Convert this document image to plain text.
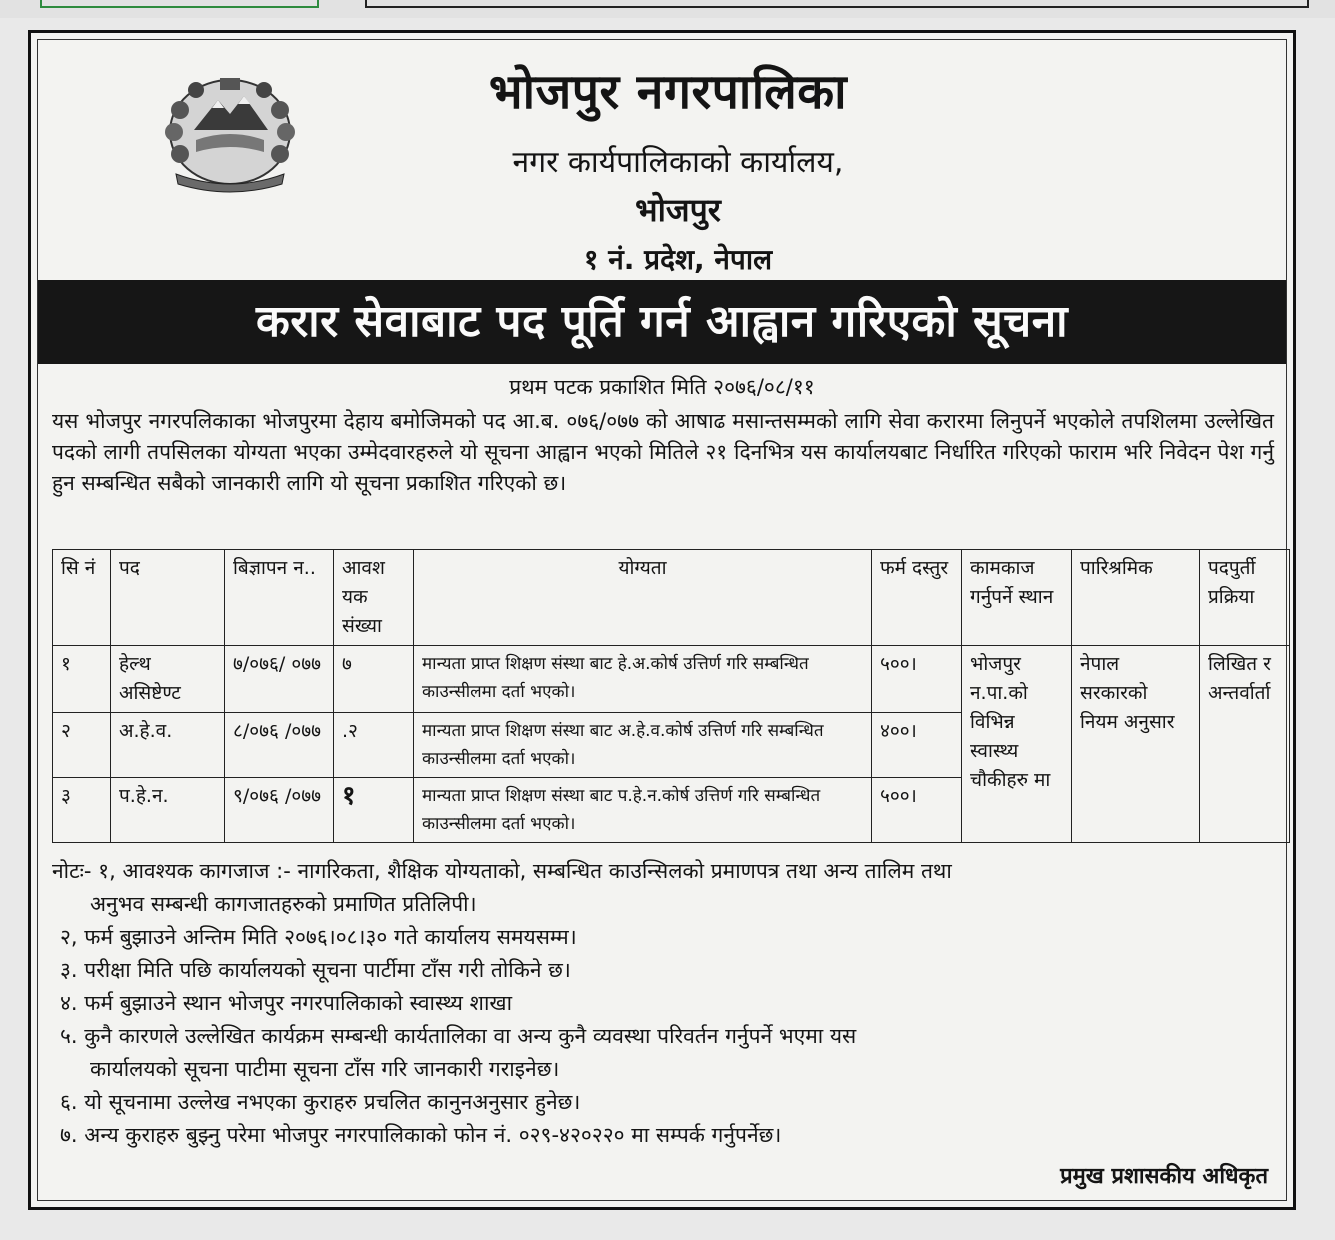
भोजपुर नगरपालिका
नगर कार्यपालिकाको कार्यालय,
भोजपुर
१ नं. प्रदेश, नेपाल
करार सेवाबाट पद पूर्ति गर्न आह्वान गरिएको सूचना
प्रथम पटक प्रकाशित मिति २०७६/०८/११
यस भोजपुर नगरपलिकाका भोजपुरमा देहाय बमोजिमको पद आ.ब. ०७६/०७७ को आषाढ मसान्तसम्मको लागि सेवा करारमा लिनुपर्ने भएकोले तपशिलमा उल्लेखित पदको लागी तपसिलका योग्यता भएका उम्मेदवारहरुले यो सूचना आह्वान भएको मितिले २१ दिनभित्र यस कार्यालयबाट निर्धारित गरिएको फाराम भरि निवेदन पेश गर्नु हुन सम्बन्धित सबैको जानकारी लागि यो सूचना प्रकाशित गरिएको छ।
सि नं	पद	बिज्ञापन न..	आवश यक संख्या	योग्यता	फर्म दस्तुर	कामकाज गर्नुपर्ने स्थान	पारिश्रमिक	पदपुर्ती प्रक्रिया
१	हेल्थ असिष्टेण्ट	७/०७६/ ०७७	७	मान्यता प्राप्त शिक्षण संस्था बाट हे.अ.कोर्ष उत्तिर्ण गरि सम्बन्धित काउन्सीलमा दर्ता भएको।	५००।	भोजपुर न.पा.को विभिन्न स्वास्थ्य चौकीहरु मा	नेपाल सरकारको नियम अनुसार	लिखित र अन्तर्वार्ता
२	अ.हे.व.	८/०७६ /०७७	.२	मान्यता प्राप्त शिक्षण संस्था बाट अ.हे.व.कोर्ष उत्तिर्ण गरि सम्बन्धित काउन्सीलमा दर्ता भएको।	४००।			
३	प.हे.न.	९/०७६ /०७७	१	मान्यता प्राप्त शिक्षण संस्था बाट प.हे.न.कोर्ष उत्तिर्ण गरि सम्बन्धित काउन्सीलमा दर्ता भएको।	५००।			
नोटः- १, आवश्यक कागजाज :- नागरिकता, शैक्षिक योग्यताको, सम्बन्धित काउन्सिलको प्रमाणपत्र तथा अन्य तालिम तथा
अनुभव सम्बन्धी कागजातहरुको प्रमाणित प्रतिलिपी।
२, फर्म बुझाउने अन्तिम मिति २०७६।०८।३० गते कार्यालय समयसम्म।
३. परीक्षा मिति पछि कार्यालयको सूचना पार्टीमा टाँस गरी तोकिने छ।
४. फर्म बुझाउने स्थान भोजपुर नगरपालिकाको स्वास्थ्य शाखा
५. कुनै कारणले उल्लेखित कार्यक्रम सम्बन्धी कार्यतालिका वा अन्य कुनै व्यवस्था परिवर्तन गर्नुपर्ने भएमा यस
कार्यालयको सूचना पाटीमा सूचना टाँस गरि जानकारी गराइनेछ।
६. यो सूचनामा उल्लेख नभएका कुराहरु प्रचलित कानुनअनुसार हुनेछ।
७. अन्य कुराहरु बुझ्नु परेमा भोजपुर नगरपालिकाको फोन नं. ०२९-४२०२२० मा सम्पर्क गर्नुपर्नेछ।
प्रमुख प्रशासकीय अधिकृत
